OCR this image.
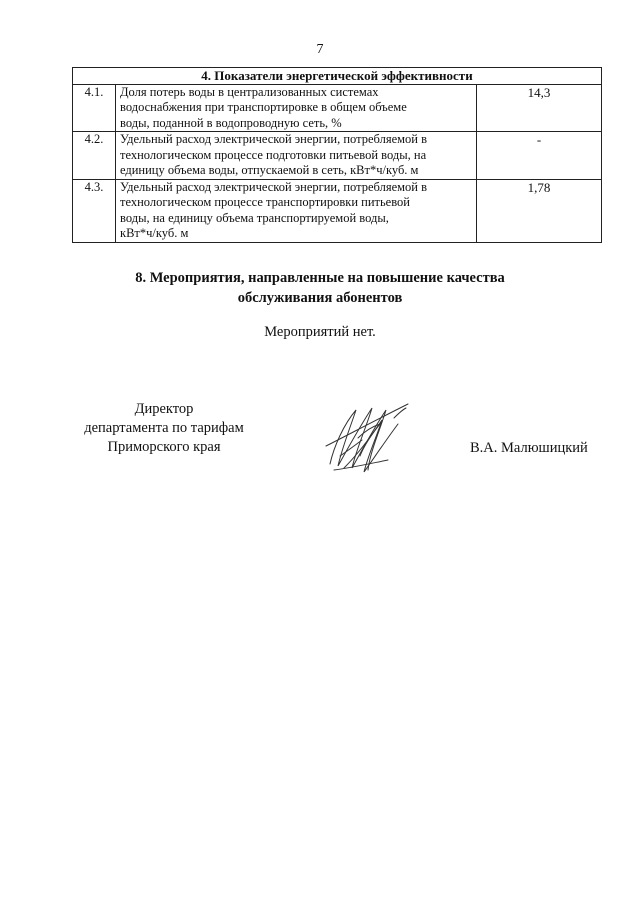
7
4. Показатели энергетической эффективности		
4.1.	Доля потерь воды в централизованных системах
водоснабжения при транспортировке в общем объеме
воды, поданной в водопроводную сеть, %	14,3
4.2.	Удельный расход электрической энергии, потребляемой в
технологическом процессе подготовки питьевой воды, на
единицу объема воды, отпускаемой в сеть, кВт*ч/куб. м	-
4.3.	Удельный расход электрической энергии, потребляемой в
технологическом процессе транспортировки питьевой
воды, на единицу объема транспортируемой воды,
кВт*ч/куб. м	1,78
8. Мероприятия, направленные на повышение качества
обслуживания абонентов
Мероприятий нет.
Директор
департамента по тарифам
Приморского края	В.А. Малюшицкий
